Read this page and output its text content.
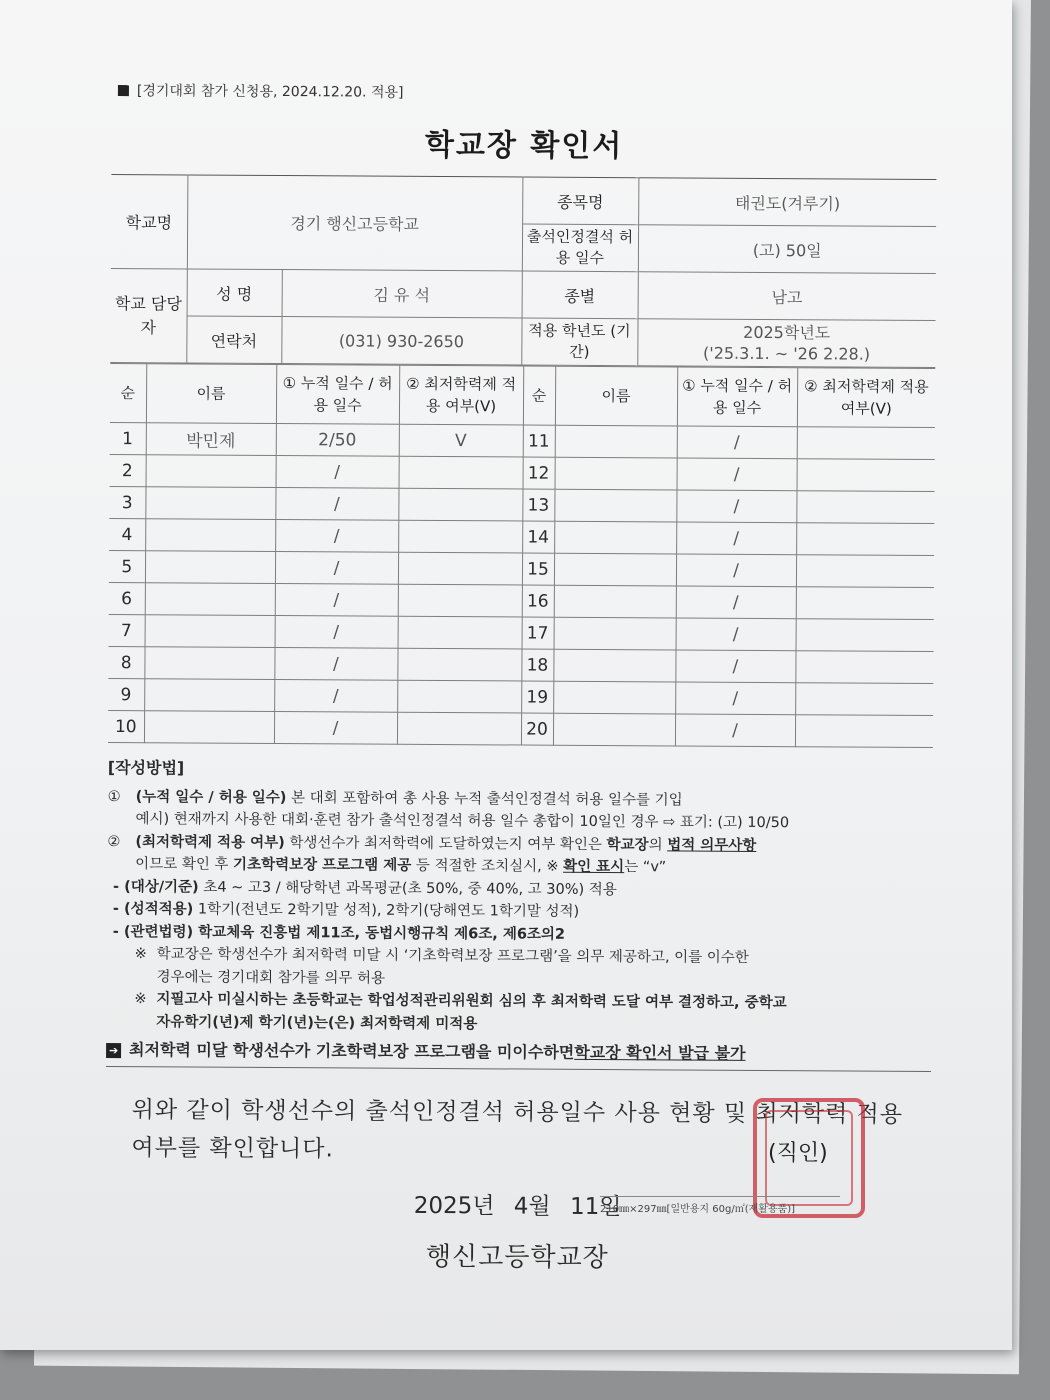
[경기대회 참가 신청용, 2024.12.20. 적용]
학교장 확인서
학교명	경기 행신고등학교		종목명	태권도(겨루기)
			출석인정결석 허용 일수	(고) 50일
학교 담당자	성 명	김 유 석	종별	남고
	연락처	(031) 930-2650	적용 학년도 (기간)	2025학년도
('25.3.1. ~ '26 2.28.)
순	이름	① 누적 일수 / 허용 일수	② 최저학력제 적용 여부(V)	순	이름	① 누적 일수 / 허용 일수	② 최저학력제 적용 여부(V)
1	박민제	2/50	V	11		/	
2		/		12		/	
3		/		13		/	
4		/		14		/	
5		/		15		/	
6		/		16		/	
7		/		17		/	
8		/		18		/	
9		/		19		/	
10		/		20		/	
[작성방법]
①	(누적 일수 / 허용 일수) 본 대회 포함하여 총 사용 누적 출석인정결석 허용 일수를 기입
예시) 현재까지 사용한 대회·훈련 참가 출석인정결석 허용 일수 총합이 10일인 경우 ⇨ 표기: (고) 10/50
②	(최저학력제 적용 여부) 학생선수가 최저학력에 도달하였는지 여부 확인은 학교장의 법적 의무사항
이므로 확인 후 기초학력보장 프로그램 제공 등 적절한 조치실시, ※ 확인 표시는 “v”
- (대상/기준) 초4 ~ 고3 / 해당학년 과목평균(초 50%, 중 40%, 고 30%) 적용
- (성적적용) 1학기(전년도 2학기말 성적), 2학기(당해연도 1학기말 성적)
- (관련법령) 학교체육 진흥법 제11조, 동법시행규칙 제6조, 제6조의2
※ 학교장은 학생선수가 최저학력 미달 시 ‘기초학력보장 프로그램’을 의무 제공하고, 이를 이수한
경우에는 경기대회 참가를 의무 허용
※ 지필고사 미실시하는 초등학교는 학업성적관리위원회 심의 후 최저학력 도달 여부 결정하고, 중학교
자유학기(년)제 학기(년)는(은) 최저학력제 미적용
➔ 최저학력 미달 학생선수가 기초학력보장 프로그램을 미이수하면 학교장 확인서 발급 불가
위와 같이 학생선수의 출석인정결석 허용일수 사용 현황 및 최저학력 적용 여부를 확인합니다.
2025년 4월 11일
행신고등학교장
(직인)
210㎜×297㎜[일반용지 60g/㎡(재활용품)]
